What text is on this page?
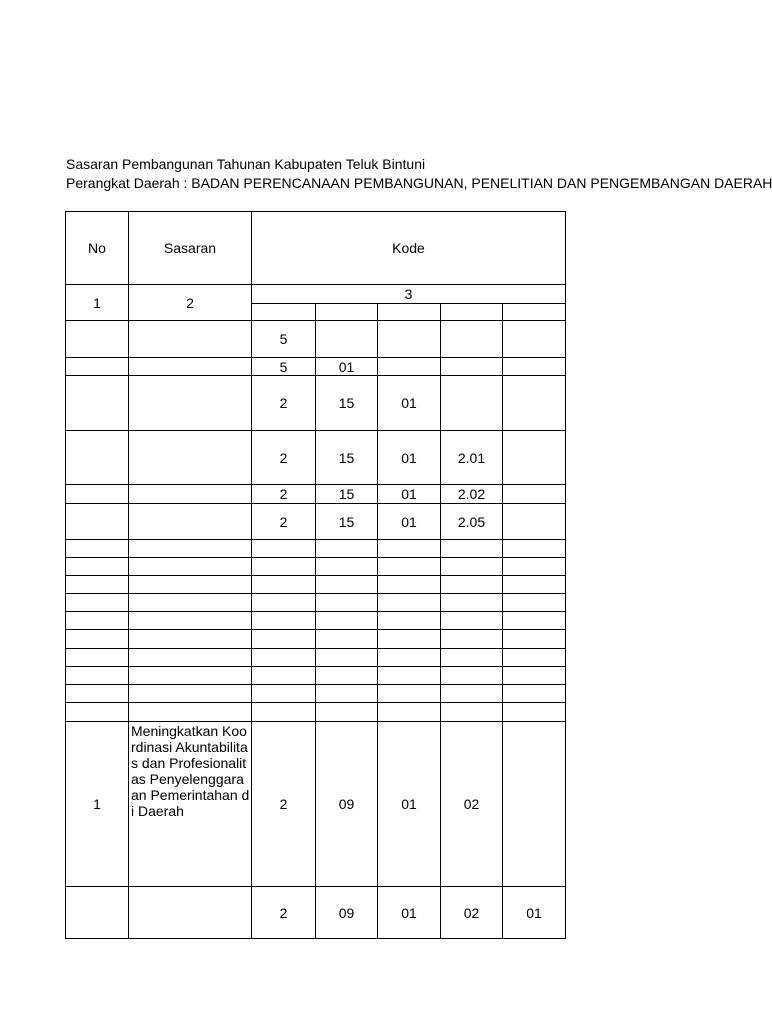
Sasaran Pembangunan Tahunan Kabupaten Teluk Bintuni
Perangkat Daerah : BADAN PERENCANAAN PEMBANGUNAN, PENELITIAN DAN PENGEMBANGAN DAERAH
No	Sasaran	Kode				
1	2	3				

		5				
		5	01			
		2	15	01		
		2	15	01	2.01	
		2	15	01	2.02	
		2	15	01	2.05	

1	Meningkatkan Koordinasi Akuntabilitas dan Profesionalitas Penyelenggaraan Pemerintahan di Daerah	2	09	01	02	
		2	09	01	02	01
